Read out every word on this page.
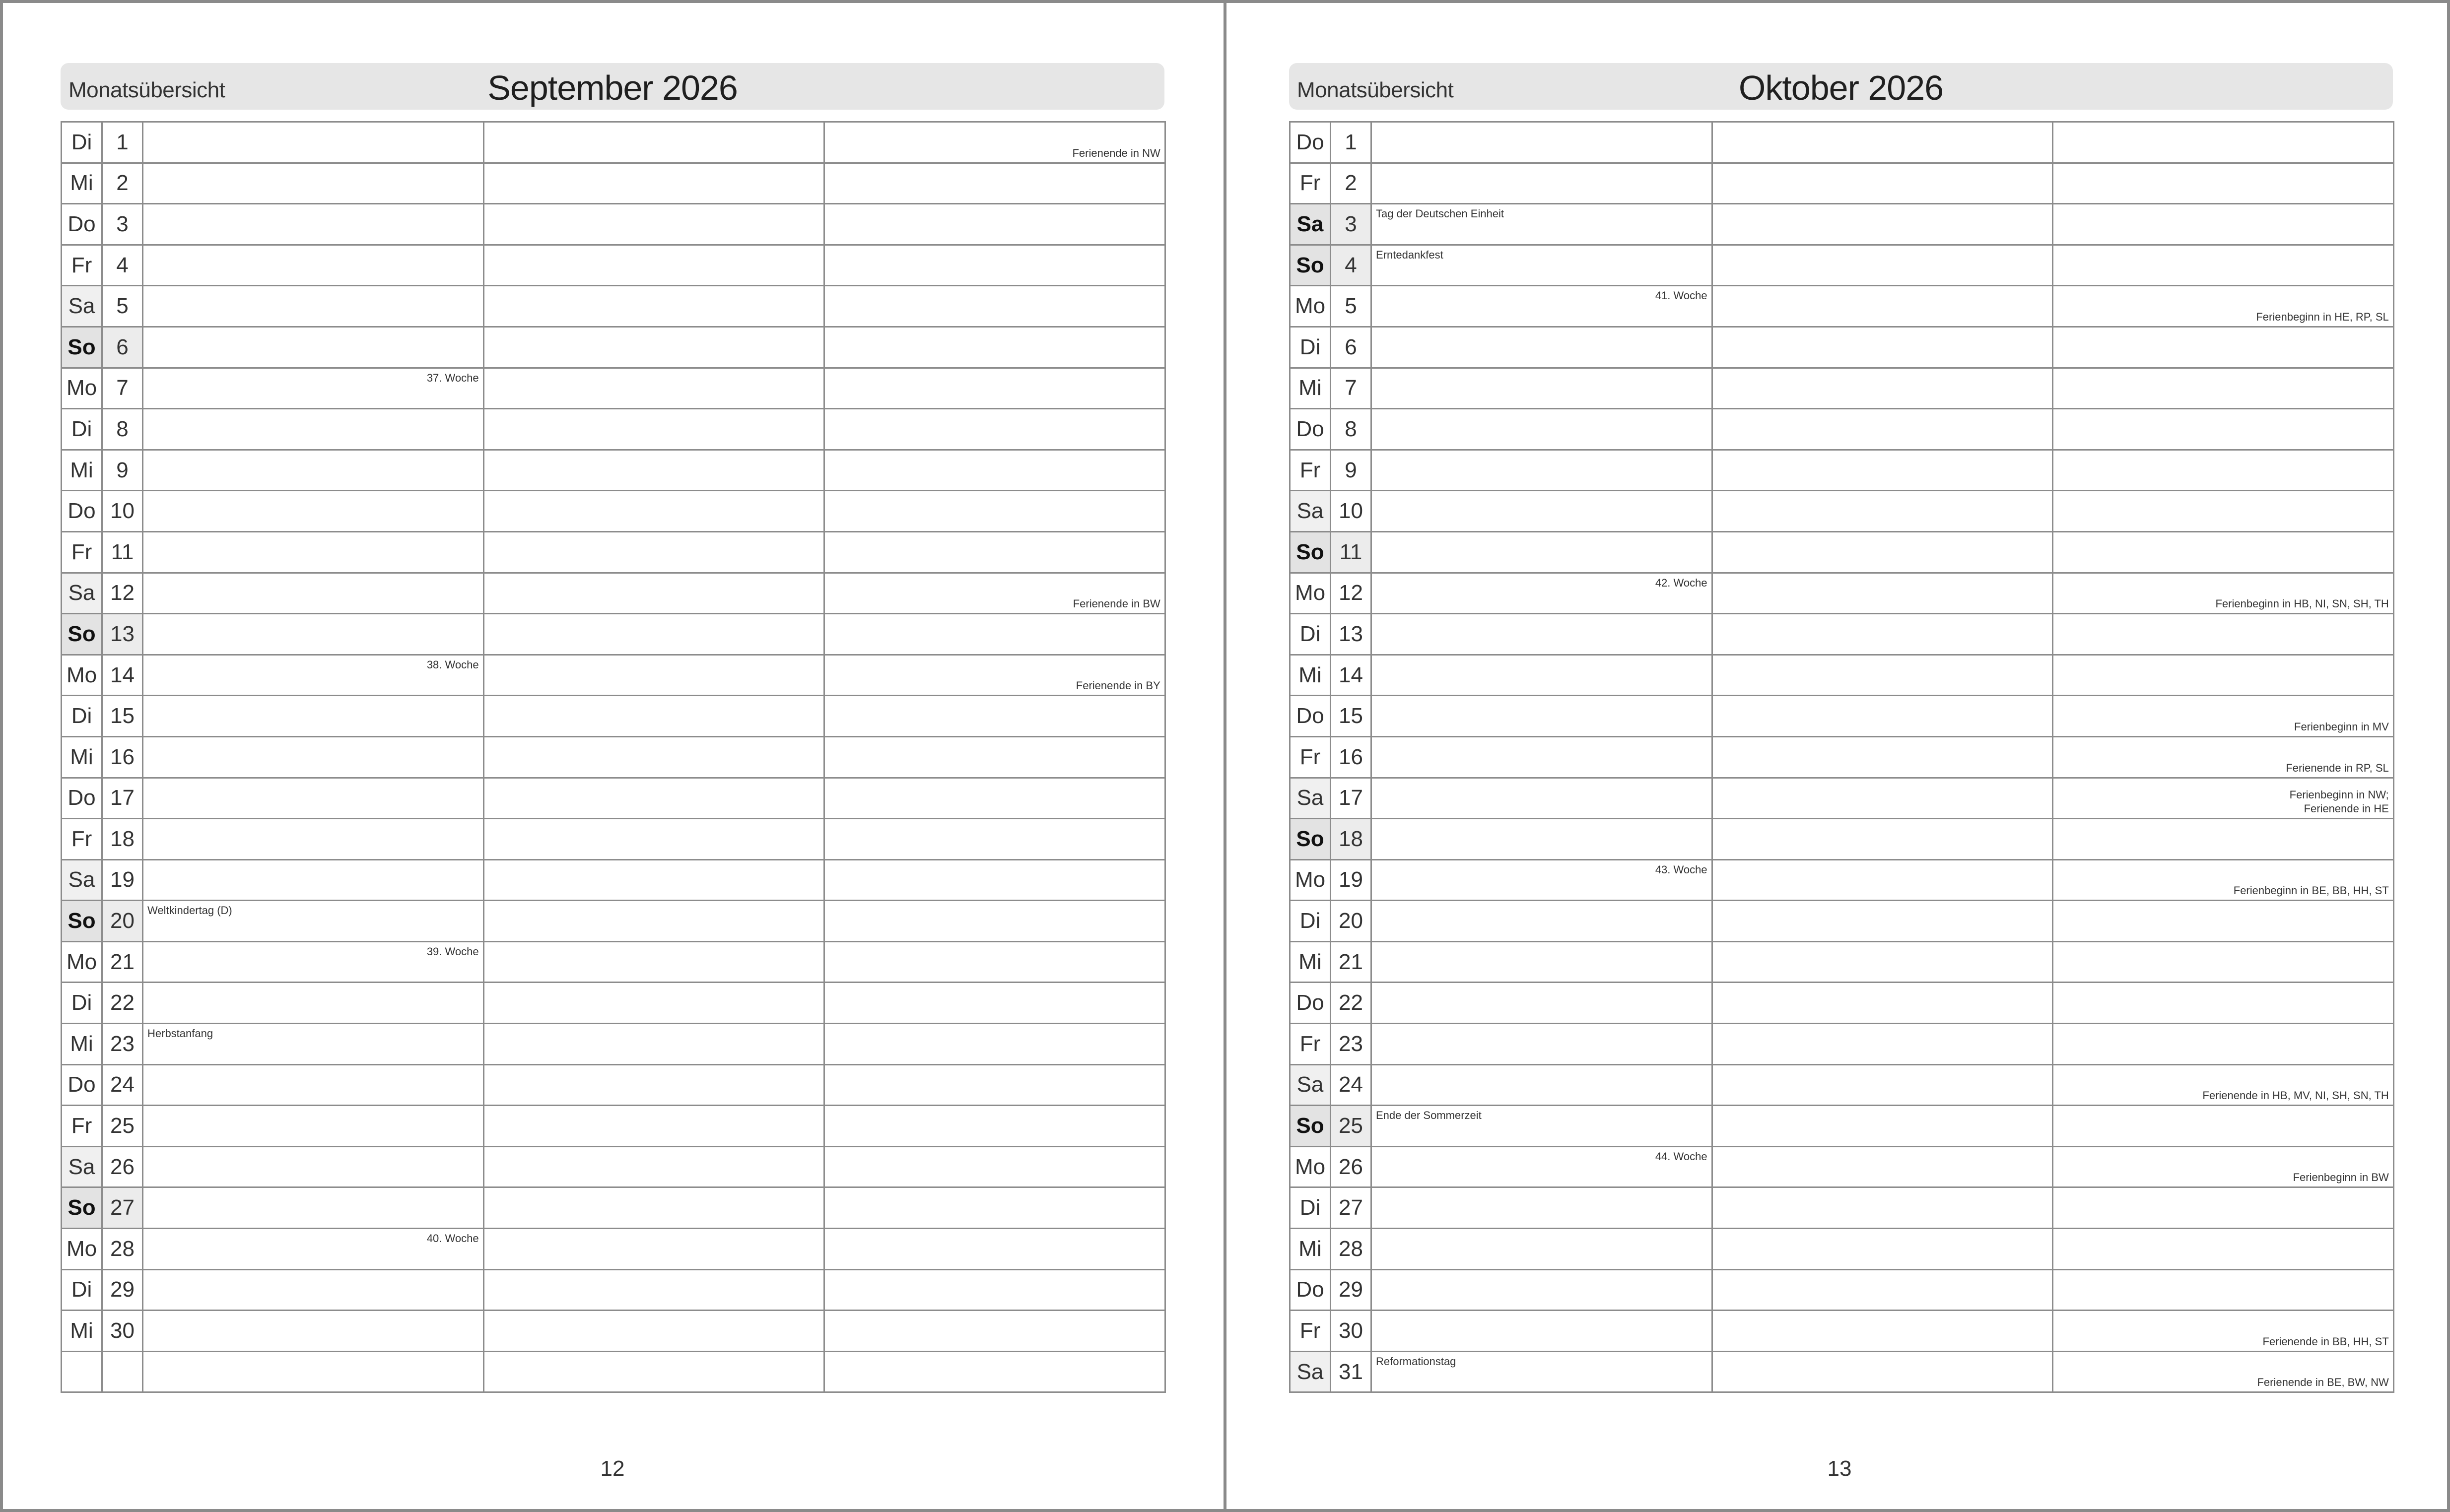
Monatsübersicht	September 2026
Di	1			Ferienende in NW

Mi	2			
Do	3			
Fr	4			
Sa	5			
So	6			
Mo	7	37. Woche		

Di	8			
Mi	9			
Do	10			
Fr	11			
Sa	12			Ferienende in BW

So	13			
Mo	14	38. Woche		Ferienende in BY

Di	15			
Mi	16			
Do	17			
Fr	18			
Sa	19			
So	20	Weltkindertag (D)		

Mo	21	39. Woche		

Di	22			
Mi	23	Herbstanfang		

Do	24			
Fr	25			
Sa	26			
So	27			
Mo	28	40. Woche		

Di	29			
Mi	30			

12
Monatsübersicht	Oktober 2026
Do	1			
Fr	2			
Sa	3	Tag der Deutschen Einheit		

So	4	Erntedankfest		

Mo	5	41. Woche		Ferienbeginn in HE, RP, SL

Di	6			
Mi	7			
Do	8			
Fr	9			
Sa	10			
So	11			
Mo	12	42. Woche		Ferienbeginn in HB, NI, SN, SH, TH

Di	13			
Mi	14			
Do	15			Ferienbeginn in MV

Fr	16			Ferienende in RP, SL

Sa	17			Ferienbeginn in NW;
Ferienende in HE

So	18			
Mo	19	43. Woche		Ferienbeginn in BE, BB, HH, ST

Di	20			
Mi	21			
Do	22			
Fr	23			
Sa	24			Ferienende in HB, MV, NI, SH, SN, TH

So	25	Ende der Sommerzeit		

Mo	26	44. Woche		Ferienbeginn in BW

Di	27			
Mi	28			
Do	29			
Fr	30			Ferienende in BB, HH, ST

Sa	31	Reformationstag		Ferienende in BE, BW, NW
13
